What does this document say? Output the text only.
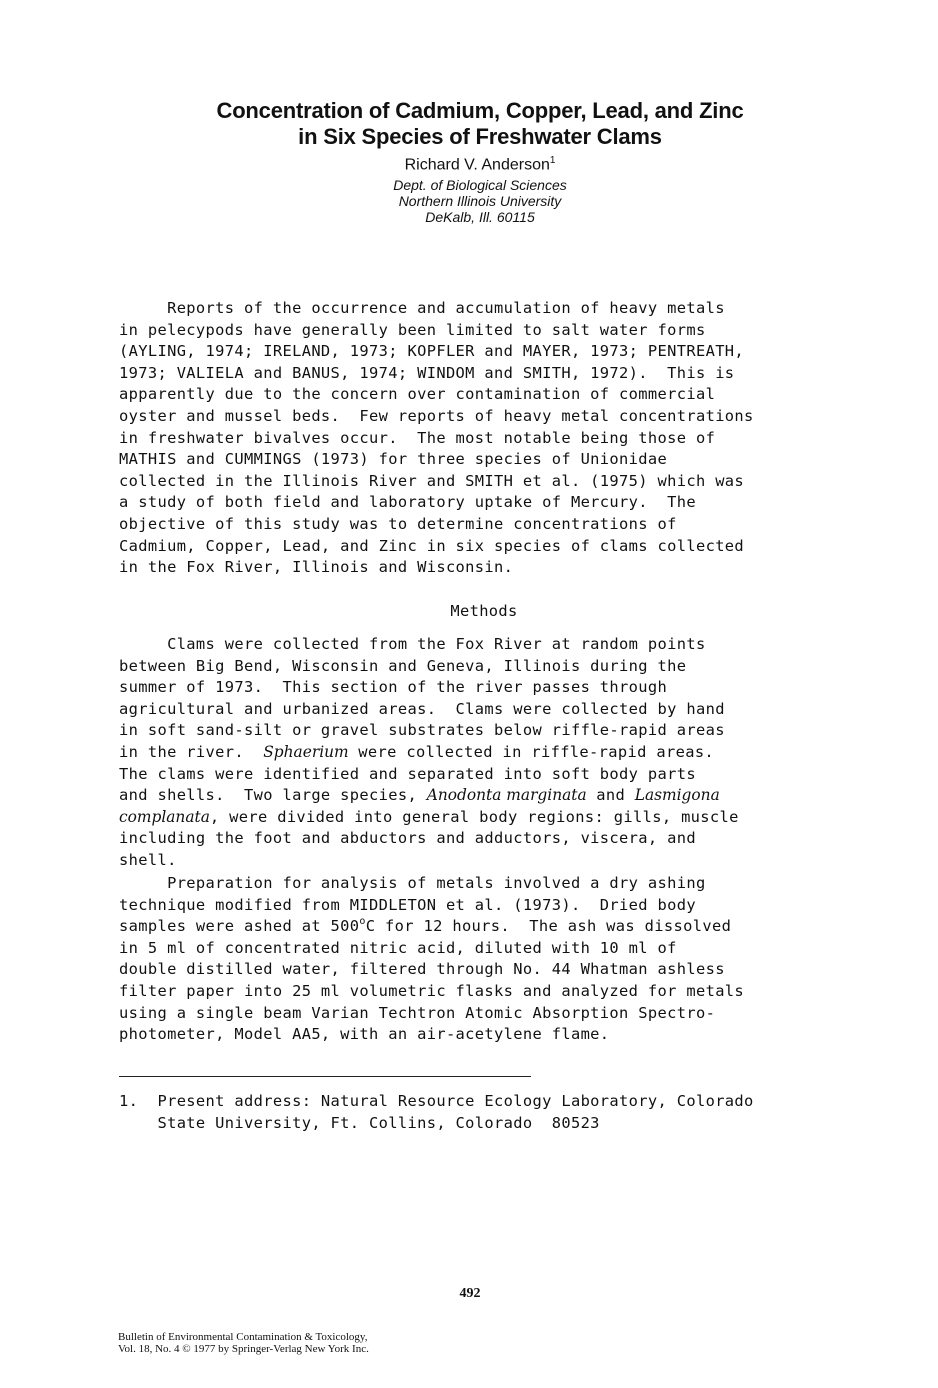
Concentration of Cadmium, Copper, Lead, and Zinc
in Six Species of Freshwater Clams
Richard V. Anderson$^1$
Dept. of Biological Sciences
Northern Illinois University
DeKalb, Ill. 60115
Reports of the occurrence and accumulation of heavy metals
in pelecypods have generally been limited to salt water forms
(AYLING, 1974; IRELAND, 1973; KOPFLER and MAYER, 1973; PENTREATH,
1973; VALIELA and BANUS, 1974; WINDOM and SMITH, 1972).  This is
apparently due to the concern over contamination of commercial
oyster and mussel beds.  Few reports of heavy metal concentrations
in freshwater bivalves occur.  The most notable being those of
MATHIS and CUMMINGS (1973) for three species of Unionidae
collected in the Illinois River and SMITH et al. (1975) which was
a study of both field and laboratory uptake of Mercury.  The
objective of this study was to determine concentrations of
Cadmium, Copper, Lead, and Zinc in six species of clams collected
in the Fox River, Illinois and Wisconsin.
Methods
Clams were collected from the Fox River at random points
between Big Bend, Wisconsin and Geneva, Illinois during the
summer of 1973.  This section of the river passes through
agricultural and urbanized areas.  Clams were collected by hand
in soft sand-silt or gravel substrates below riffle-rapid areas
in the river.  Sphaerium were collected in riffle-rapid areas.
The clams were identified and separated into soft body parts
and shells.  Two large species, Anodonta marginata and Lasmigona
complanata, were divided into general body regions: gills, muscle
including the foot and abductors and adductors, viscera, and
shell.
Preparation for analysis of metals involved a dry ashing
technique modified from MIDDLETON et al. (1973).  Dried body
samples were ashed at 500$^o$C for 12 hours.  The ash was dissolved
in 5 ml of concentrated nitric acid, diluted with 10 ml of
double distilled water, filtered through No. 44 Whatman ashless
filter paper into 25 ml volumetric flasks and analyzed for metals
using a single beam Varian Techtron Atomic Absorption Spectro-
photometer, Model AA5, with an air-acetylene flame.
1.  Present address: Natural Resource Ecology Laboratory, Colorado
State University, Ft. Collins, Colorado  80523
492
Bulletin of Environmental Contamination & Toxicology,
Vol. 18, No. 4 © 1977 by Springer-Verlag New York Inc.
